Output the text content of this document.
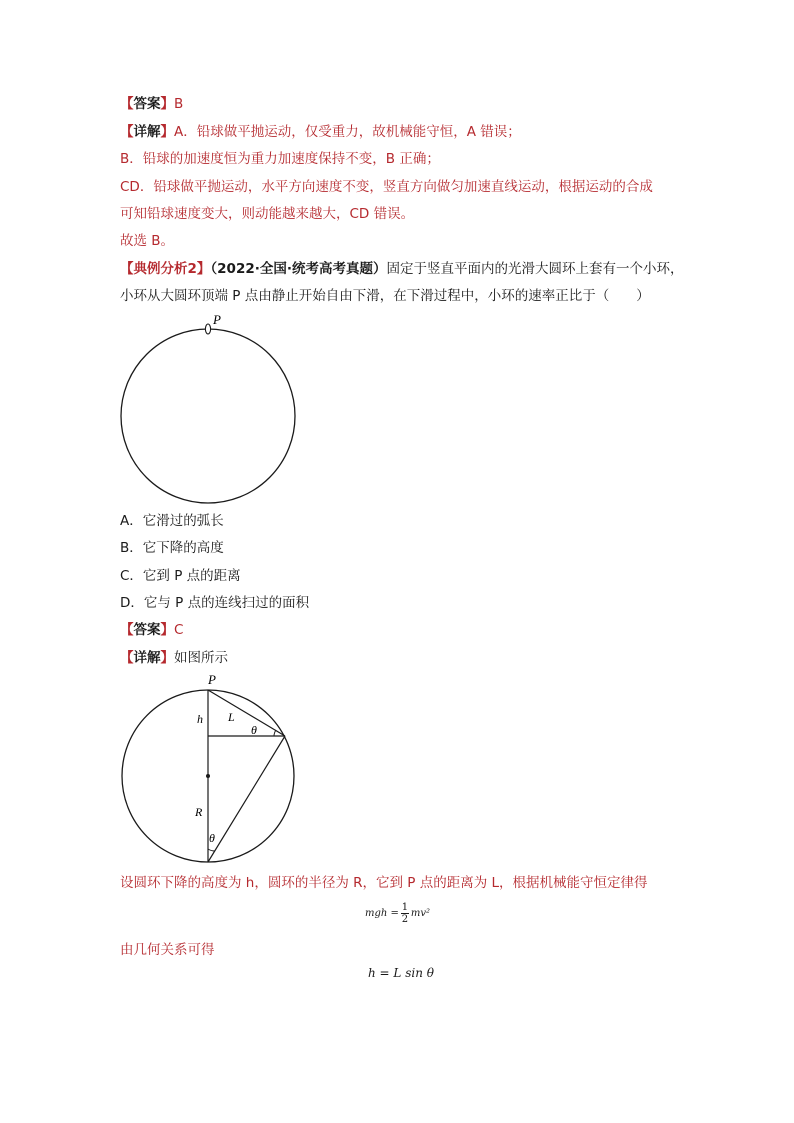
【答案】B
【详解】A．铅球做平抛运动，仅受重力，故机械能守恒，A 错误；
B．铅球的加速度恒为重力加速度保持不变，B 正确；
CD．铅球做平抛运动，水平方向速度不变，竖直方向做匀加速直线运动，根据运动的合成
可知铅球速度变大，则动能越来越大，CD 错误。
故选 B。
【典例分析2】（2022·全国·统考高考真题）固定于竖直平面内的光滑大圆环上套有一个小环，
小环从大圆环顶端 P 点由静止开始自由下滑，在下滑过程中，小环的速率正比于（　　）
P
A．它滑过的弧长
B．它下降的高度
C．它到 P 点的距离
D．它与 P 点的连线扫过的面积
【答案】C
【详解】如图所示
P
h L
θ
R
θ
设圆环下降的高度为 h，圆环的半径为 R，它到 P 点的距离为 L，根据机械能守恒定律得
mgh =
1
2
mv²
由几何关系可得
h = L sin θ
